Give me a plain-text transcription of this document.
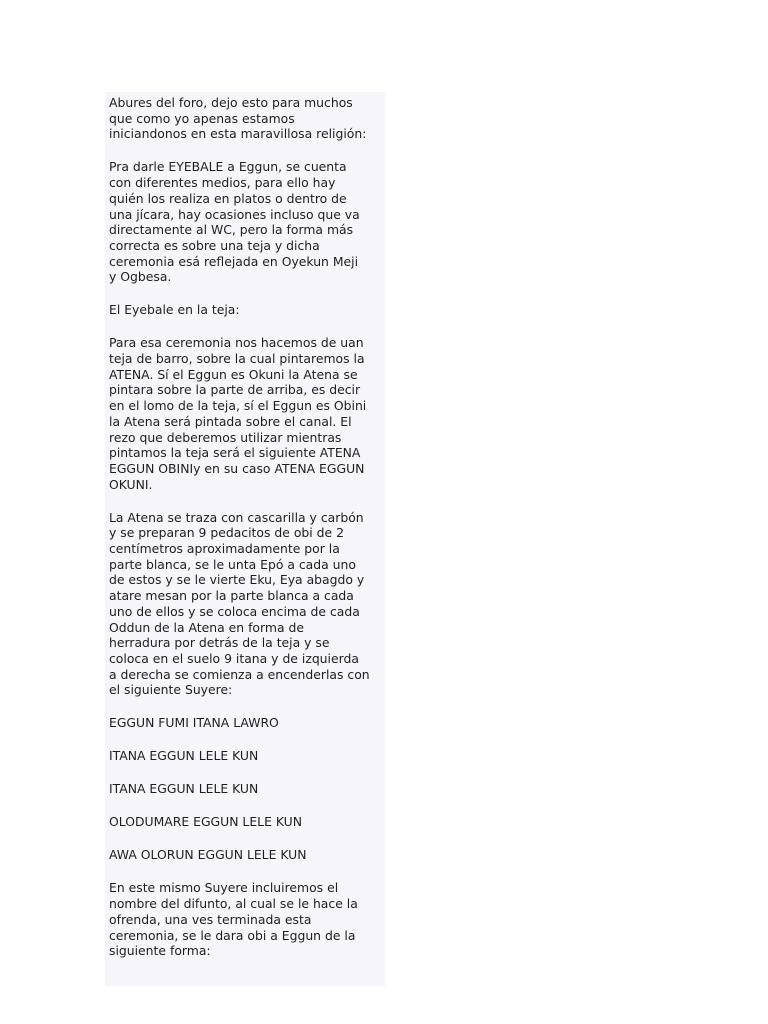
Abures del foro, dejo esto para muchos
que como yo apenas estamos
iniciandonos en esta maravillosa religión:

Pra darle EYEBALE a Eggun, se cuenta
con diferentes medios, para ello hay
quién los realiza en platos o dentro de
una jícara, hay ocasiones incluso que va
directamente al WC, pero la forma más
correcta es sobre una teja y dicha
ceremonia esá reflejada en Oyekun Meji
y Ogbesa.

El Eyebale en la teja:

Para esa ceremonia nos hacemos de uan
teja de barro, sobre la cual pintaremos la
ATENA. Sí el Eggun es Okuni la Atena se
pintara sobre la parte de arriba, es decir
en el lomo de la teja, sí el Eggun es Obini
la Atena será pintada sobre el canal. El
rezo que deberemos utilizar mientras
pintamos la teja será el siguiente ATENA
EGGUN OBINIy en su caso ATENA EGGUN
OKUNI.

La Atena se traza con cascarilla y carbón
y se preparan 9 pedacitos de obi de 2
centímetros aproximadamente por la
parte blanca, se le unta Epó a cada uno
de estos y se le vierte Eku, Eya abagdo y
atare mesan por la parte blanca a cada
uno de ellos y se coloca encima de cada
Oddun de la Atena en forma de
herradura por detrás de la teja y se
coloca en el suelo 9 itana y de izquierda
a derecha se comienza a encenderlas con
el siguiente Suyere:

EGGUN FUMI ITANA LAWRO

ITANA EGGUN LELE KUN

ITANA EGGUN LELE KUN

OLODUMARE EGGUN LELE KUN

AWA OLORUN EGGUN LELE KUN

En este mismo Suyere incluiremos el
nombre del difunto, al cual se le hace la
ofrenda, una ves terminada esta
ceremonia, se le dara obi a Eggun de la
siguiente forma:
